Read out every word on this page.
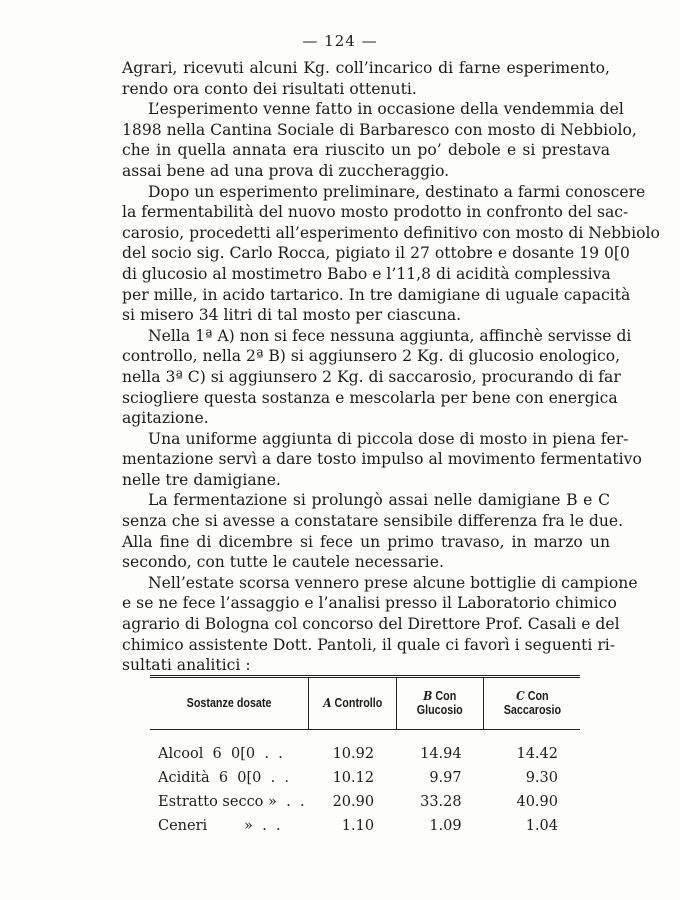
— 124 —
Agrari, ricevuti alcuni Kg. coll’incarico di farne esperimento,
rendo ora conto dei risultati ottenuti.
L’esperimento venne fatto in occasione della vendemmia del
1898 nella Cantina Sociale di Barbaresco con mosto di Nebbiolo,
che in quella annata era riuscito un po’ debole e si prestava
assai bene ad una prova di zuccheraggio.
Dopo un esperimento preliminare, destinato a farmi conoscere
la fermentabilità del nuovo mosto prodotto in confronto del sac-
carosio, procedetti all’esperimento definitivo con mosto di Nebbiolo
del socio sig. Carlo Rocca, pigiato il 27 ottobre e dosante 19 0[0
di glucosio al mostimetro Babo e l’11,8 di acidità complessiva
per mille, in acido tartarico. In tre damigiane di uguale capacità
si misero 34 litri di tal mosto per ciascuna.
Nella 1ª A) non si fece nessuna aggiunta, affinchè servisse di
controllo, nella 2ª B) si aggiunsero 2 Kg. di glucosio enologico,
nella 3ª C) si aggiunsero 2 Kg. di saccarosio, procurando di far
sciogliere questa sostanza e mescolarla per bene con energica
agitazione.
Una uniforme aggiunta di piccola dose di mosto in piena fer-
mentazione servì a dare tosto impulso al movimento fermentativo
nelle tre damigiane.
La fermentazione si prolungò assai nelle damigiane B e C
senza che si avesse a constatare sensibile differenza fra le due.
Alla fine di dicembre si fece un primo travaso, in marzo un
secondo, con tutte le cautele necessarie.
Nell’estate scorsa vennero prese alcune bottiglie di campione
e se ne fece l’assaggio e l’analisi presso il Laboratorio chimico
agrario di Bologna col concorso del Direttore Prof. Casali e del
chimico assistente Dott. Pantoli, il quale ci favorì i seguenti ri-
sultati analitici :
Sostanze dosate	A Controllo	B Con Glucosio	C Con Saccarosio
Alcool  6  0[0  .  .	10.92	14.94	14.42
Acidità  6  0[0  .  .	10.12	9.97	9.30
Estratto secco »  .  .	20.90	33.28	40.90
Ceneri        »  .  .	1.10	1.09	1.04
